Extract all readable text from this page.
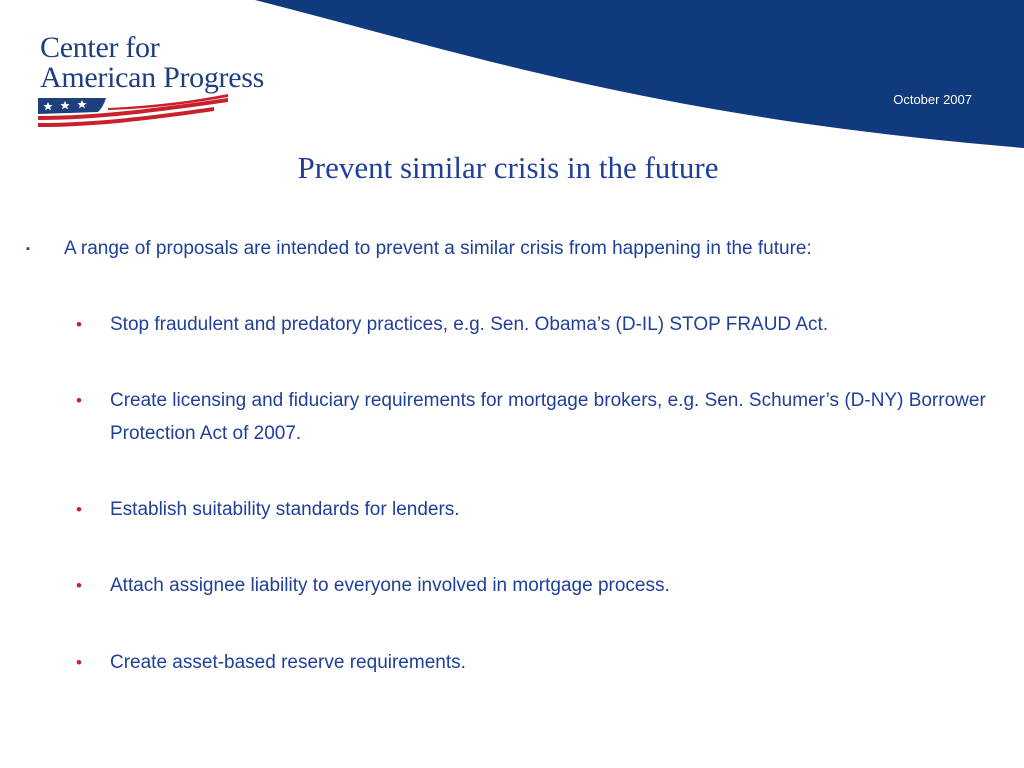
Center for
American Progress
October 2007
Prevent similar crisis in the future
▪ A range of proposals are intended to prevent a similar crisis from happening in the future:
• Stop fraudulent and predatory practices, e.g. Sen. Obama’s (D-IL) STOP FRAUD Act.
• Create licensing and fiduciary requirements for mortgage brokers, e.g. Sen. Schumer’s (D-NY) Borrower Protection Act of 2007.
• Establish suitability standards for lenders.
• Attach assignee liability to everyone involved in mortgage process.
• Create asset-based reserve requirements.
